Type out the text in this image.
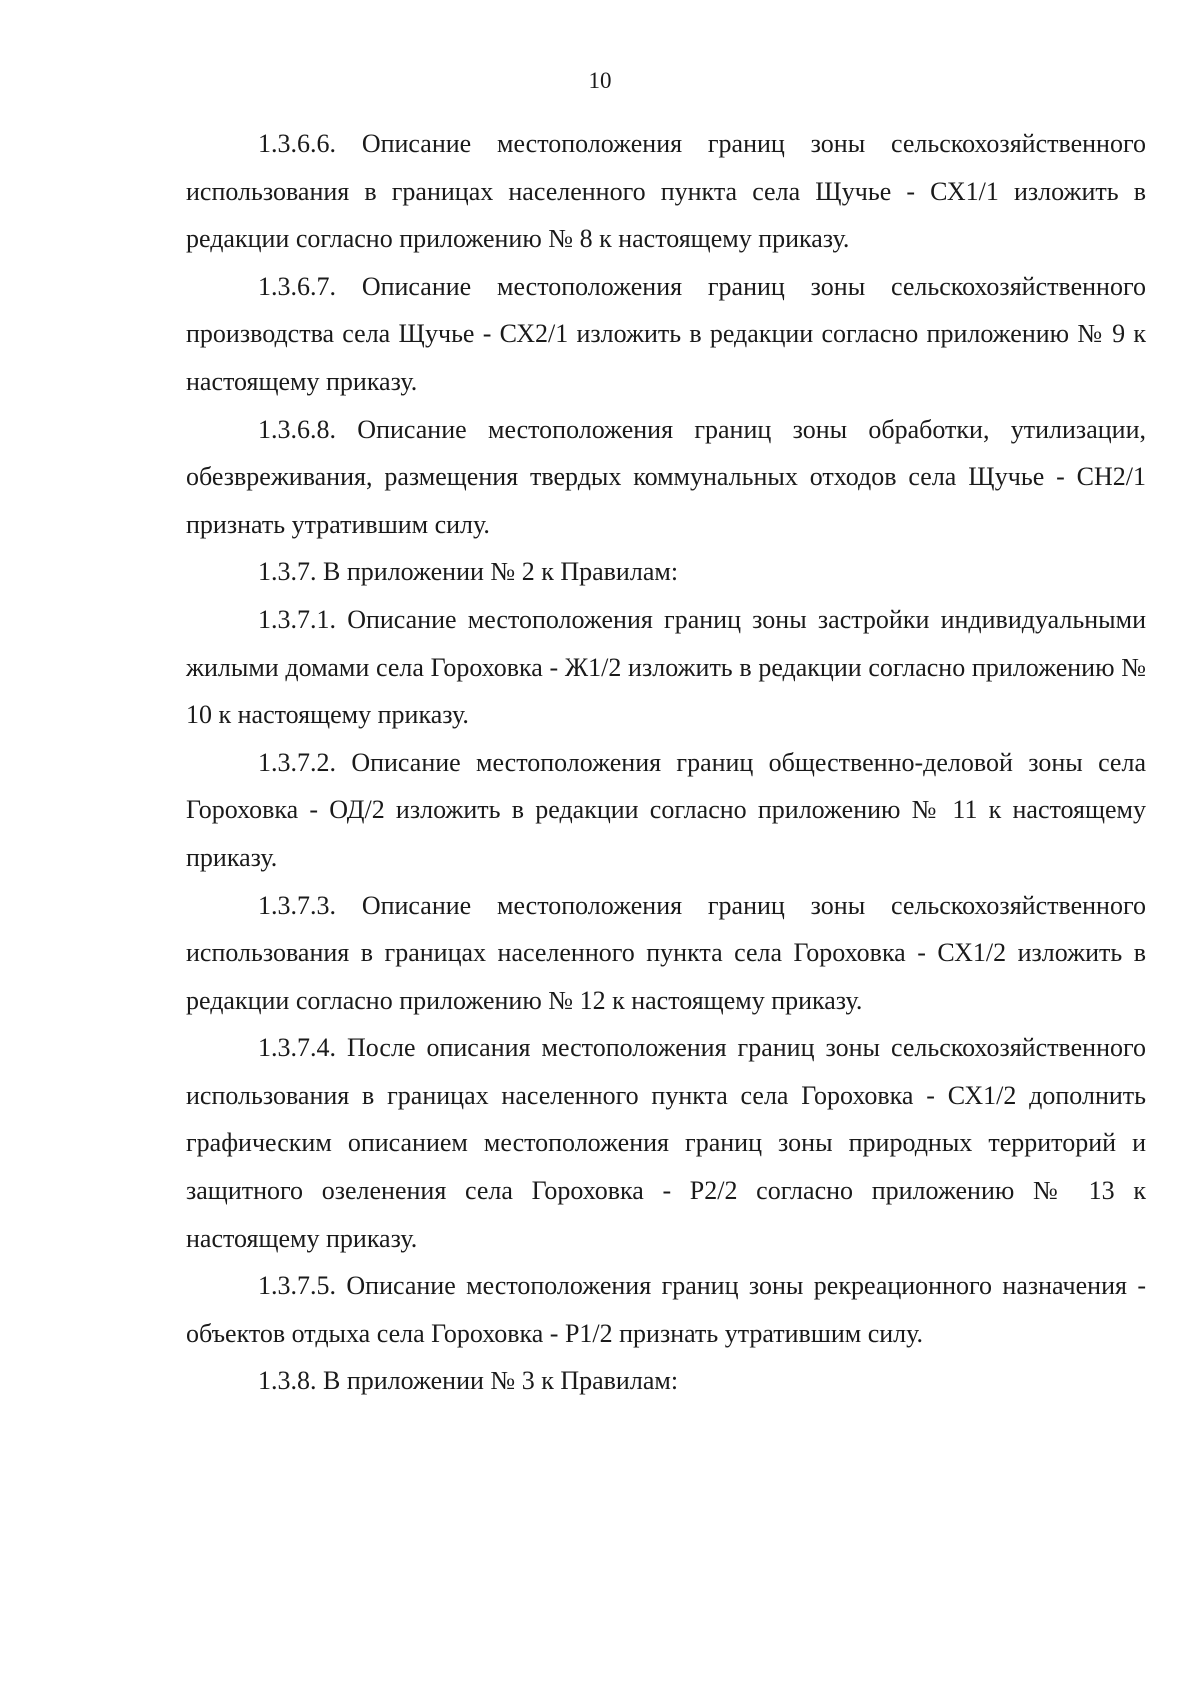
10

1.3.6.6. Описание местоположения границ зоны сельскохозяйственного использования в границах населенного пункта села Щучье - СХ1/1 изложить в редакции согласно приложению № 8 к настоящему приказу.

1.3.6.7. Описание местоположения границ зоны сельскохозяйственного производства села Щучье - СХ2/1 изложить в редакции согласно приложению № 9 к настоящему приказу.

1.3.6.8. Описание местоположения границ зоны обработки, утилизации, обезвреживания, размещения твердых коммунальных отходов села Щучье - СН2/1 признать утратившим силу.

1.3.7. В приложении № 2 к Правилам:

1.3.7.1. Описание местоположения границ зоны застройки индивидуальными жилыми домами села Гороховка - Ж1/2 изложить в редакции согласно приложению № 10 к настоящему приказу.

1.3.7.2. Описание местоположения границ общественно-деловой зоны села Гороховка - ОД/2 изложить в редакции согласно приложению № 11 к настоящему приказу.

1.3.7.3. Описание местоположения границ зоны сельскохозяйственного использования в границах населенного пункта села Гороховка - СХ1/2 изложить в редакции согласно приложению № 12 к настоящему приказу.

1.3.7.4. После описания местоположения границ зоны сельскохозяйственного использования в границах населенного пункта села Гороховка - СХ1/2 дополнить графическим описанием местоположения границ зоны природных территорий и защитного озеленения села Гороховка - Р2/2 согласно приложению № 13 к настоящему приказу.

1.3.7.5. Описание местоположения границ зоны рекреационного назначения - объектов отдыха села Гороховка - Р1/2 признать утратившим силу.

1.3.8. В приложении № 3 к Правилам:
